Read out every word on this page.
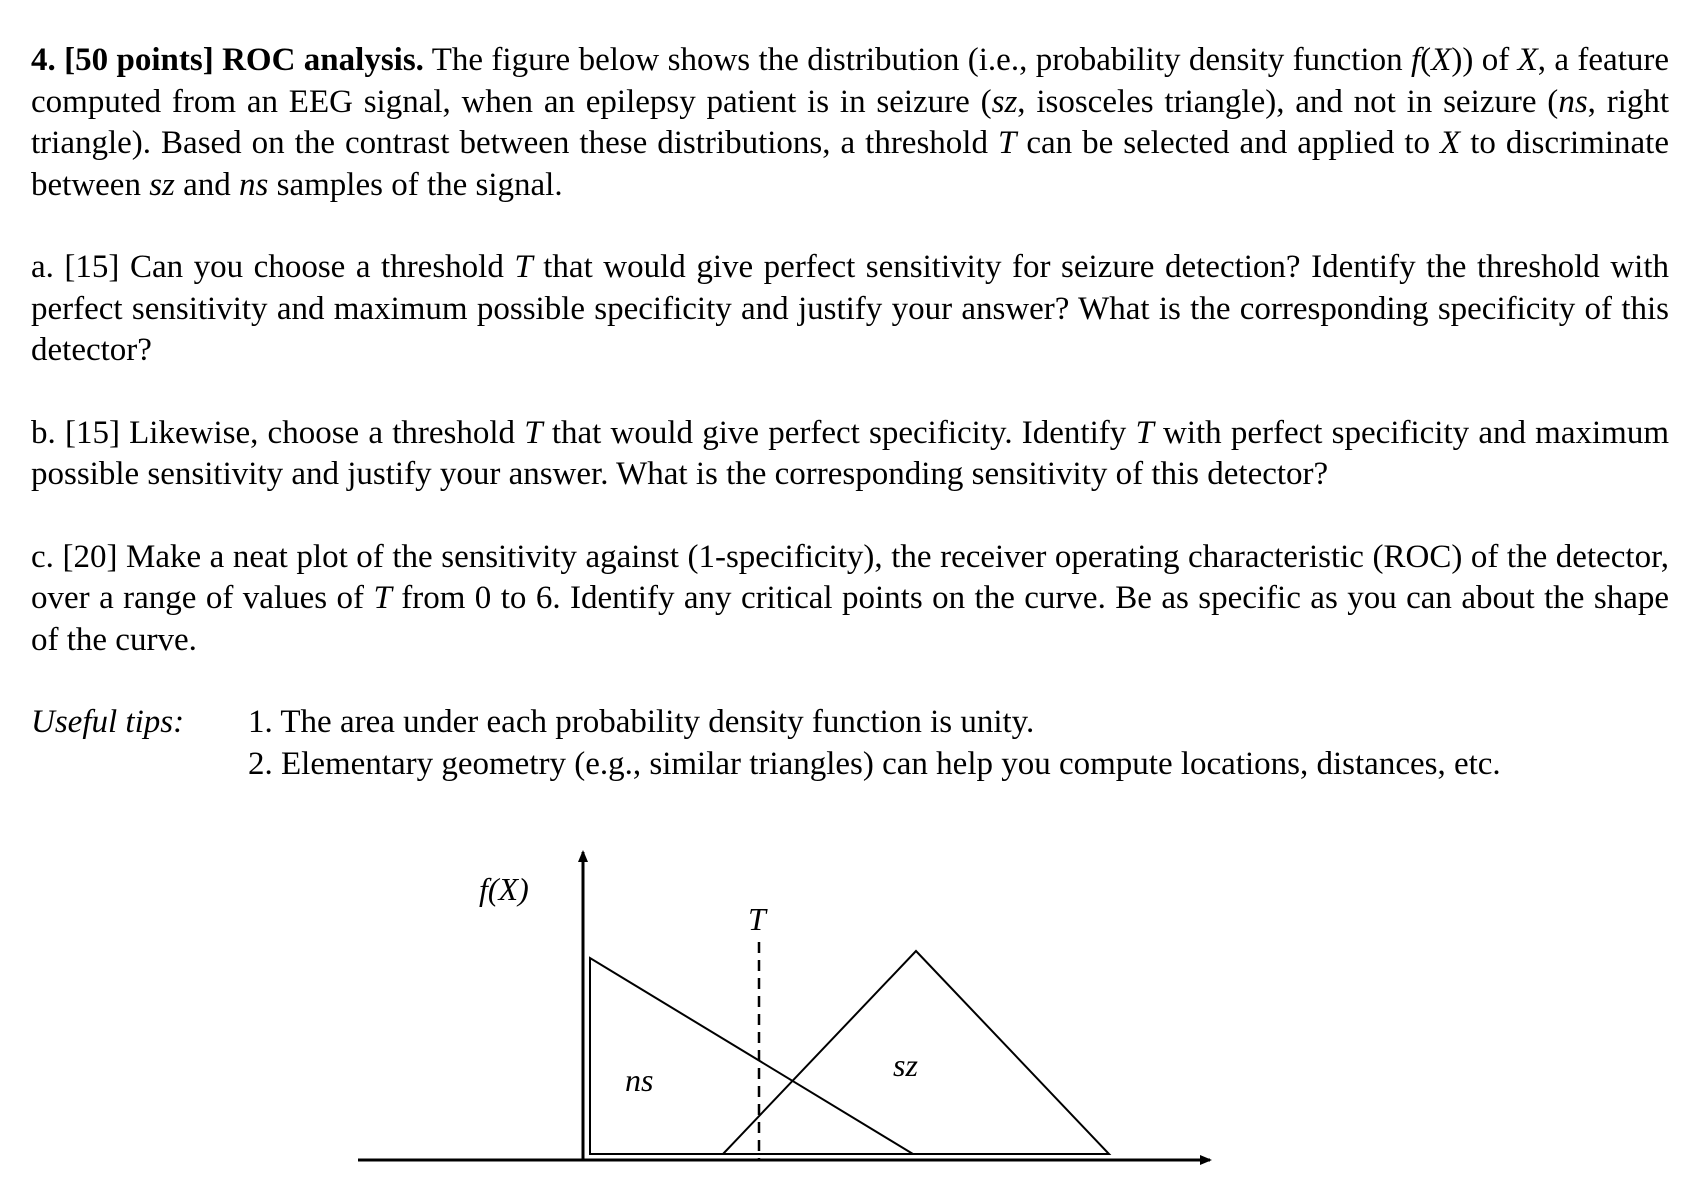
4. [50 points] ROC analysis. The figure below shows the distribution (i.e., probability density function f(X)) of X, a feature computed from an EEG signal, when an epilepsy patient is in seizure (sz, isosceles triangle), and not in seizure (ns, right triangle). Based on the contrast between these distributions, a threshold T can be selected and applied to X to discriminate between sz and ns samples of the signal.

a. [15] Can you choose a threshold T that would give perfect sensitivity for seizure detection? Identify the threshold with perfect sensitivity and maximum possible specificity and justify your answer? What is the corresponding specificity of this detector?

b. [15] Likewise, choose a threshold T that would give perfect specificity. Identify T with perfect specificity and maximum possible sensitivity and justify your answer. What is the corresponding sensitivity of this detector?

c. [20] Make a neat plot of the sensitivity against (1-specificity), the receiver operating characteristic (ROC) of the detector, over a range of values of T from 0 to 6. Identify any critical points on the curve. Be as specific as you can about the shape of the curve.

Useful tips: 1. The area under each probability density function is unity.
2. Elementary geometry (e.g., similar triangles) can help you compute locations, distances, etc.
f(X)
T
ns	sz
